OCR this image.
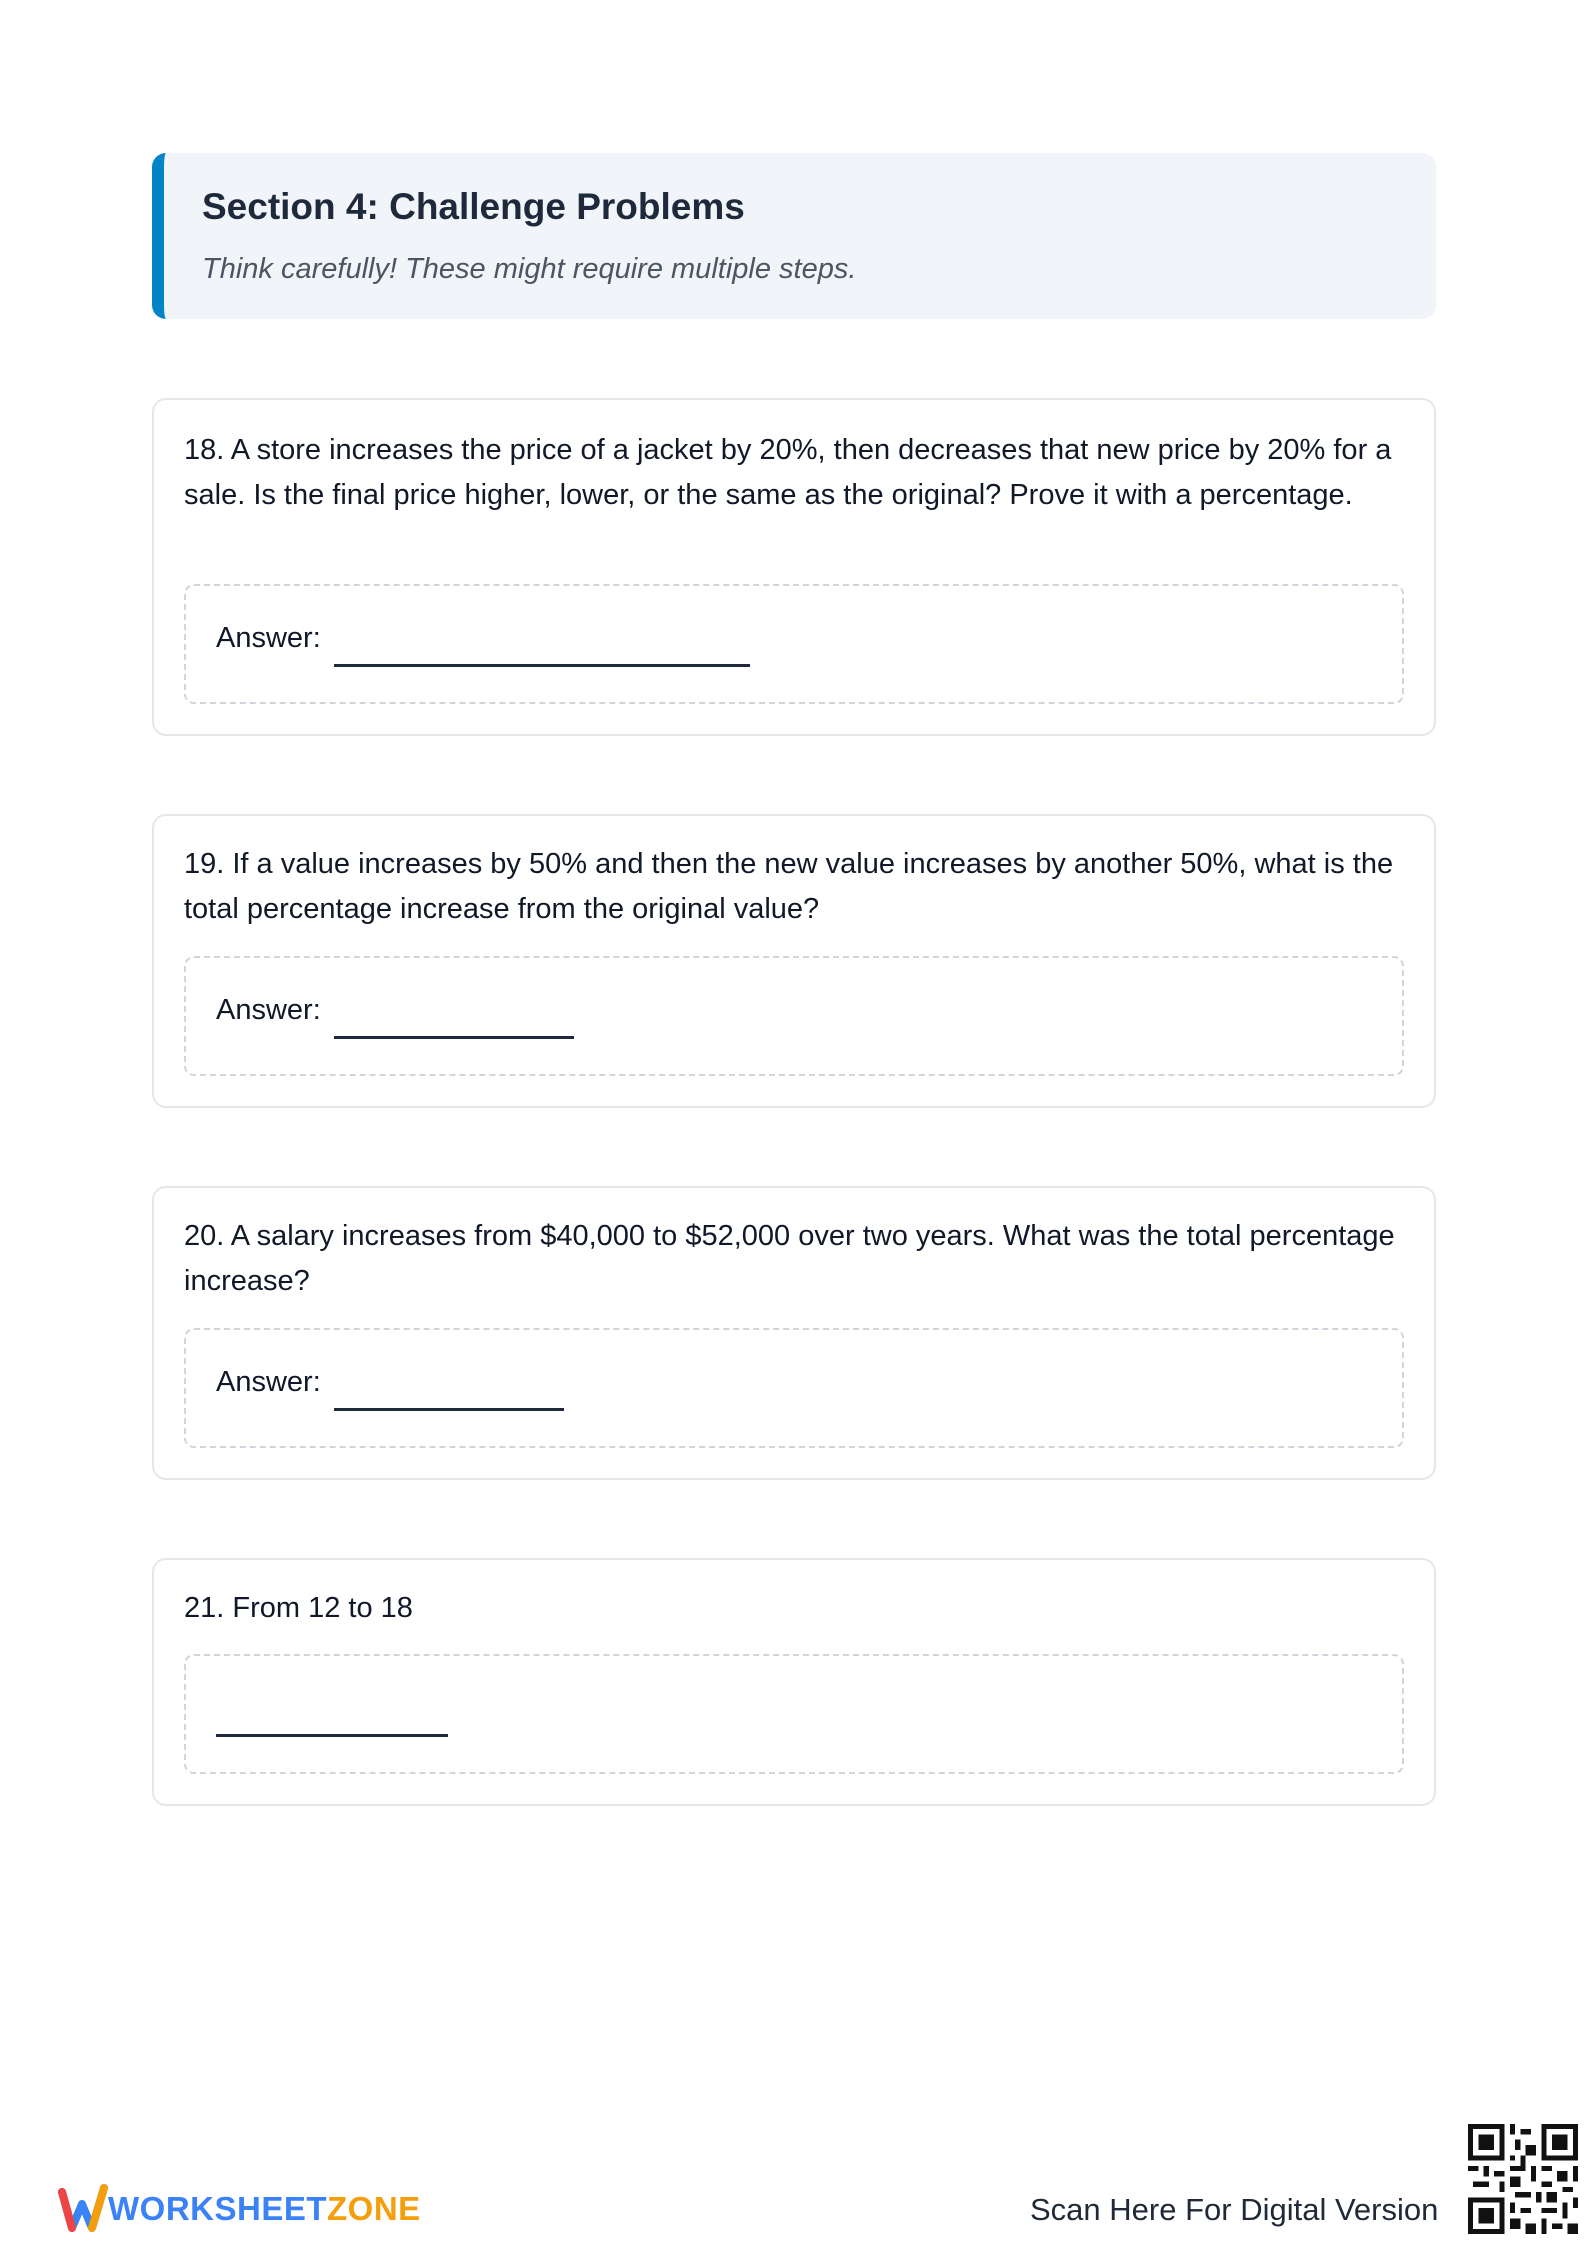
Section 4: Challenge Problems
Think carefully! These might require multiple steps.
18. A store increases the price of a jacket by 20%, then decreases that new price by 20% for a sale. Is the final price higher, lower, or the same as the original? Prove it with a percentage.
Answer:
19. If a value increases by 50% and then the new value increases by another 50%, what is the total percentage increase from the original value?
Answer:
20. A salary increases from $40,000 to $52,000 over two years. What was the total percentage increase?
Answer:
21. From 12 to 18
WORKSHEETZONE	Scan Here For Digital Version
